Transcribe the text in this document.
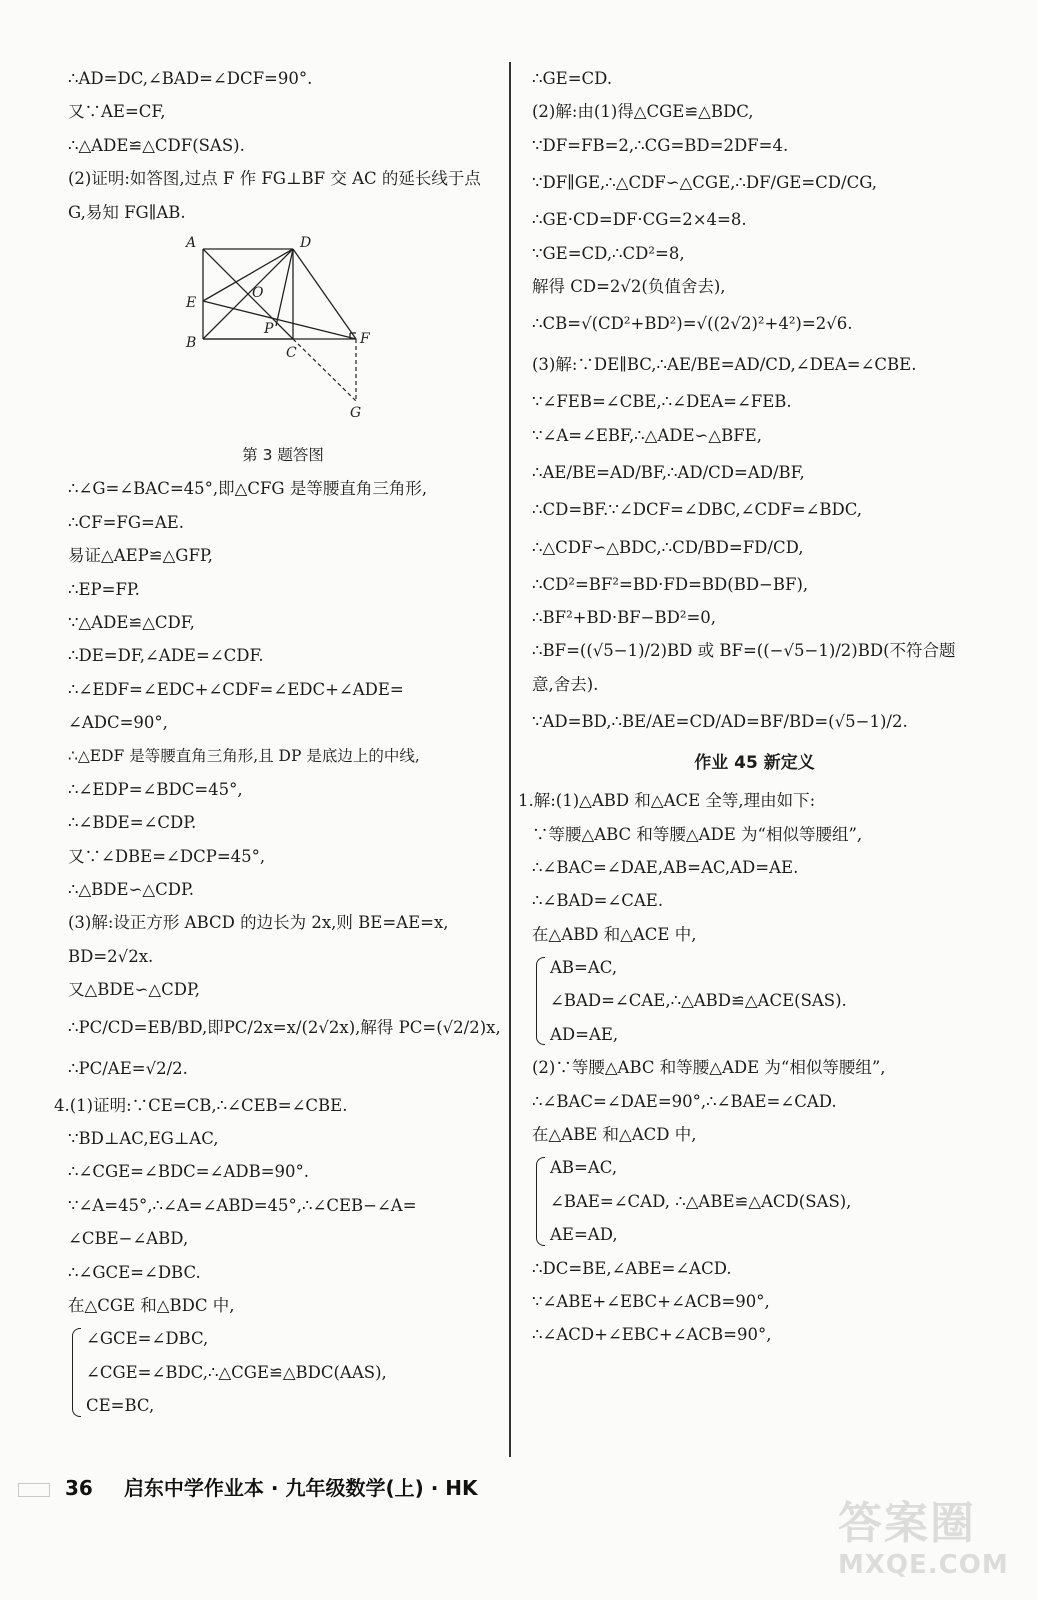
∴AD=DC,∠BAD=∠DCF=90°.
又∵AE=CF,
∴△ADE≌△CDF(SAS).
(2)证明:如答图,过点 F 作 FG⊥BF 交 AC 的延长线于点G,易知 FG∥AB.
A
B
C
D
E
F
G
O
P
第 3 题答图
∴∠G=∠BAC=45°,即△CFG 是等腰直角三角形,
∴CF=FG=AE.
易证△AEP≌△GFP,
∴EP=FP.
∵△ADE≌△CDF,
∴DE=DF,∠ADE=∠CDF.
∴∠EDF=∠EDC+∠CDF=∠EDC+∠ADE=
∠ADC=90°,
∴△EDF 是等腰直角三角形,且 DP 是底边上的中线,
∴∠EDP=∠BDC=45°,
∴∠BDE=∠CDP.
又∵∠DBE=∠DCP=45°,
∴△BDE∽△CDP.
(3)解:设正方形 ABCD 的边长为 2x,则 BE=AE=x,
BD=2√2x.
又△BDE∽△CDP,
∴PC/CD=EB/BD,即PC/2x=x/(2√2x),解得 PC=(√2/2)x,
∴PC/AE=√2/2.
4.(1)证明:∵CE=CB,∴∠CEB=∠CBE.
∵BD⊥AC,EG⊥AC,
∴∠CGE=∠BDC=∠ADB=90°.
∵∠A=45°,∴∠A=∠ABD=45°,∴∠CEB−∠A=
∠CBE−∠ABD,
∴∠GCE=∠DBC.
在△CGE 和△BDC 中,
∠GCE=∠DBC,
∠CGE=∠BDC,∴△CGE≌△BDC(AAS),
CE=BC,
∴GE=CD.
(2)解:由(1)得△CGE≌△BDC,
∵DF=FB=2,∴CG=BD=2DF=4.
∵DF∥GE,∴△CDF∽△CGE,∴DF/GE=CD/CG,
∴GE·CD=DF·CG=2×4=8.
∵GE=CD,∴CD²=8,
解得 CD=2√2(负值舍去),
∴CB=√(CD²+BD²)=√((2√2)²+4²)=2√6.
(3)解:∵DE∥BC,∴AE/BE=AD/CD,∠DEA=∠CBE.
∵∠FEB=∠CBE,∴∠DEA=∠FEB.
∵∠A=∠EBF,∴△ADE∽△BFE,
∴AE/BE=AD/BF,∴AD/CD=AD/BF,
∴CD=BF.∵∠DCF=∠DBC,∠CDF=∠BDC,
∴△CDF∽△BDC,∴CD/BD=FD/CD,
∴CD²=BF²=BD·FD=BD(BD−BF),
∴BF²+BD·BF−BD²=0,
∴BF=((√5−1)/2)BD 或 BF=((−√5−1)/2)BD(不符合题意,舍去).
∵AD=BD,∴BE/AE=CD/AD=BF/BD=(√5−1)/2.
作业 45 新定义
1.解:(1)△ABD 和△ACE 全等,理由如下:
∵等腰△ABC 和等腰△ADE 为“相似等腰组”,
∴∠BAC=∠DAE,AB=AC,AD=AE.
∴∠BAD=∠CAE.
在△ABD 和△ACE 中,
AB=AC,
∠BAD=∠CAE,∴△ABD≌△ACE(SAS).
AD=AE,
(2)∵等腰△ABC 和等腰△ADE 为“相似等腰组”,
∴∠BAC=∠DAE=90°,∴∠BAE=∠CAD.
在△ABE 和△ACD 中,
AB=AC,
∠BAE=∠CAD, ∴△ABE≌△ACD(SAS),
AE=AD,
∴DC=BE,∠ABE=∠ACD.
∵∠ABE+∠EBC+∠ACB=90°,
∴∠ACD+∠EBC+∠ACB=90°,
36 启东中学作业本 · 九年级数学(上) · HK
答案圈
MXQE.COM
